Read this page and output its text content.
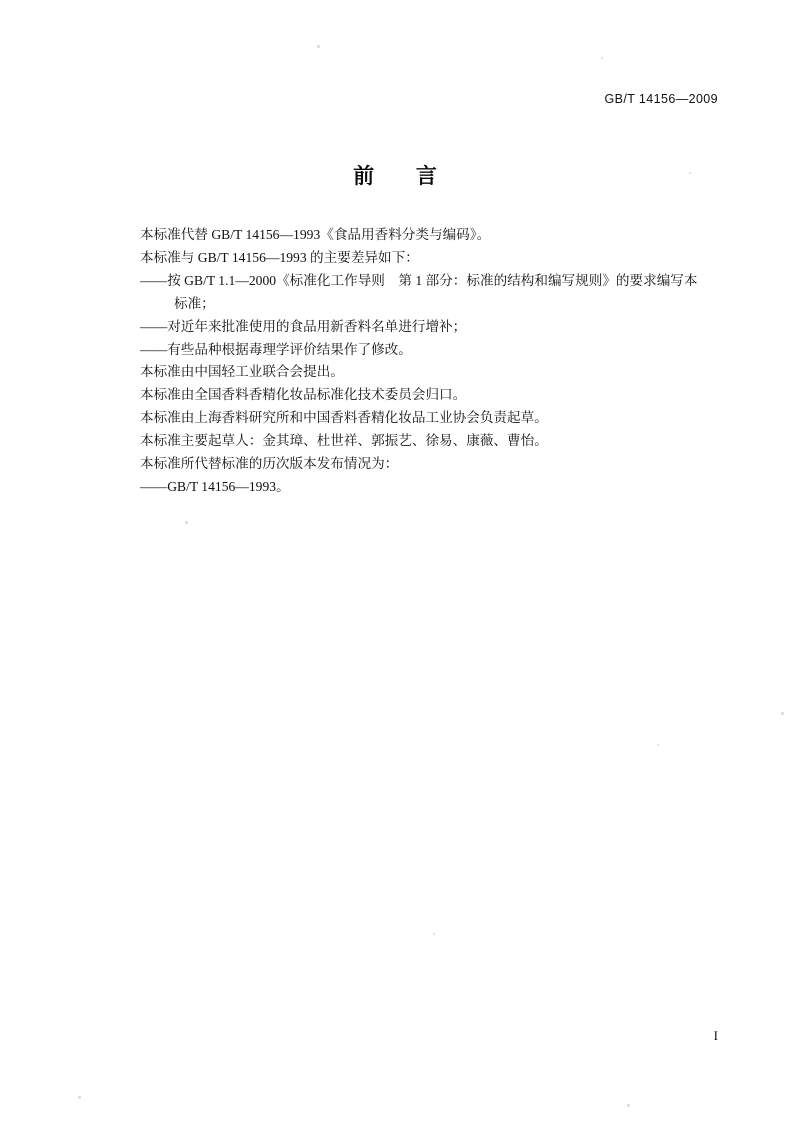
GB/T 14156—2009
前 言

本标准代替 GB/T 14156—1993《食品用香料分类与编码》。

本标准与 GB/T 14156—1993 的主要差异如下：

——按 GB/T 1.1—2000《标准化工作导则　第 1 部分：标准的结构和编写规则》的要求编写本

标准；

——对近年来批准使用的食品用新香料名单进行增补；

——有些品种根据毒理学评价结果作了修改。

本标准由中国轻工业联合会提出。

本标准由全国香料香精化妆品标准化技术委员会归口。

本标准由上海香料研究所和中国香料香精化妆品工业协会负责起草。

本标准主要起草人：金其璋、杜世祥、郭振艺、徐易、康薇、曹怡。

本标准所代替标准的历次版本发布情况为：

——GB/T 14156—1993。

I
